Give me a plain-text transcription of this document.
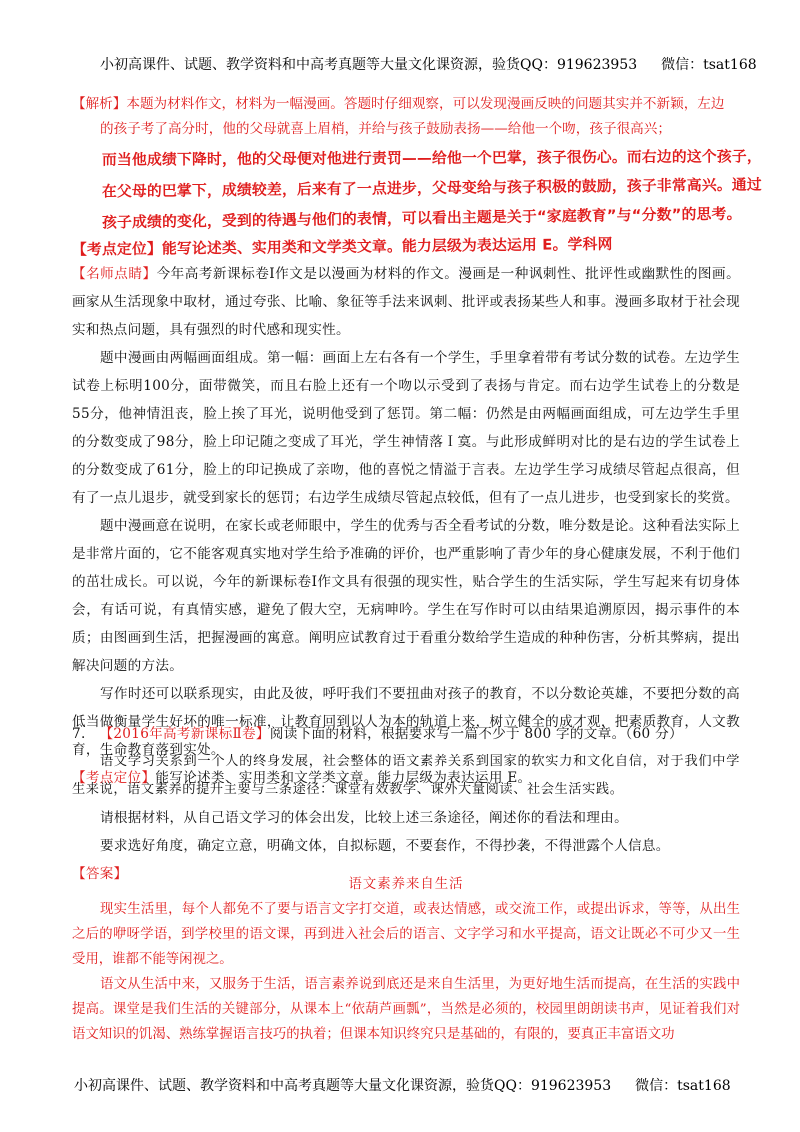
小初高课件、试题、教学资料和中高考真题等大量文化课资源，验货QQ：919623953 微信：tsat168
【解析】本题为材料作文，材料为一幅漫画。答题时仔细观察，可以发现漫画反映的问题其实并不新颖，左边
的孩子考了高分时，他的父母就喜上眉梢，并给与孩子鼓励表扬——给他一个吻，孩子很高兴；
而当他成绩下降时，他的父母便对他进行责罚——给他一个巴掌，孩子很伤心。而右边的这个孩子，
在父母的巴掌下，成绩较差，后来有了一点进步，父母变给与孩子积极的鼓励，孩子非常高兴。通过
孩子成绩的变化，受到的待遇与他们的表情，可以看出主题是关于“家庭教育”与“分数”的思考。
【考点定位】能写论述类、实用类和文学类文章。能力层级为表达运用 E。学科网
【名师点睛】今年高考新课标卷Ⅰ作文是以漫画为材料的作文。漫画是一种讽刺性、批评性或幽默性的图画。画家从生活现象中取材，通过夸张、比喻、象征等手法来讽刺、批评或表扬某些人和事。漫画多取材于社会现实和热点问题，具有强烈的时代感和现实性。
题中漫画由两幅画面组成。第一幅：画面上左右各有一个学生，手里拿着带有考试分数的试卷。左边学生试卷上标明100分，面带微笑，而且右脸上还有一个吻以示受到了表扬与肯定。而右边学生试卷上的分数是55分，他神情沮丧，脸上挨了耳光，说明他受到了惩罚。第二幅：仍然是由两幅画面组成，可左边学生手里的分数变成了98分，脸上印记随之变成了耳光，学生神情落Ｉ寞。与此形成鲜明对比的是右边的学生试卷上的分数变成了61分，脸上的印记换成了亲吻，他的喜悦之情溢于言表。左边学生学习成绩尽管起点很高，但有了一点儿退步，就受到家长的惩罚；右边学生成绩尽管起点较低，但有了一点儿进步，也受到家长的奖赏。
题中漫画意在说明，在家长或老师眼中，学生的优秀与否全看考试的分数，唯分数是论。这种看法实际上是非常片面的，它不能客观真实地对学生给予准确的评价，也严重影响了青少年的身心健康发展，不利于他们的茁壮成长。可以说，今年的新课标卷Ⅰ作文具有很强的现实性，贴合学生的生活实际，学生写起来有切身体会，有话可说，有真情实感，避免了假大空，无病呻吟。学生在写作时可以由结果追溯原因，揭示事件的本质；由图画到生活，把握漫画的寓意。阐明应试教育过于看重分数给学生造成的种种伤害，分析其弊病，提出解决问题的方法。
写作时还可以联系现实，由此及彼，呼吁我们不要扭曲对孩子的教育，不以分数论英雄，不要把分数的高低当做衡量学生好坏的唯一标准，让教育回到以人为本的轨道上来，树立健全的成才观，把素质教育，人文教育，生命教育落到实处。
【考点定位】能写论述类、实用类和文学类文章。能力层级为表达运用 E。
7. 【2016年高考新课标Ⅱ卷】阅读下面的材料，根据要求写一篇不少于 800 字的文章。（60 分）
语文学习关系到一个人的终身发展，社会整体的语文素养关系到国家的软实力和文化自信，对于我们中学生来说，语文素养的提升主要与三条途径：课堂有效教学、课外大量阅读、社会生活实践。
请根据材料，从自己语文学习的体会出发，比较上述三条途径，阐述你的看法和理由。
要求选好角度，确定立意，明确文体，自拟标题，不要套作，不得抄袭，不得泄露个人信息。
【答案】
语文素养来自生活
现实生活里，每个人都免不了要与语言文字打交道，或表达情感，或交流工作，或提出诉求，等等，从出生之后的咿呀学语，到学校里的语文课，再到进入社会后的语言、文字学习和水平提高，语文让既必不可少又一生受用，谁都不能等闲视之。
语文从生活中来，又服务于生活，语言素养说到底还是来自生活里，为更好地生活而提高，在生活的实践中提高。课堂是我们生活的关键部分，从课本上“依葫芦画瓢”，当然是必须的，校园里朗朗读书声，见证着我们对语文知识的饥渴、熟练掌握语言技巧的执着；但课本知识终究只是基础的，有限的，要真正丰富语文功
小初高课件、试题、教学资料和中高考真题等大量文化课资源，验货QQ：919623953 微信：tsat168
